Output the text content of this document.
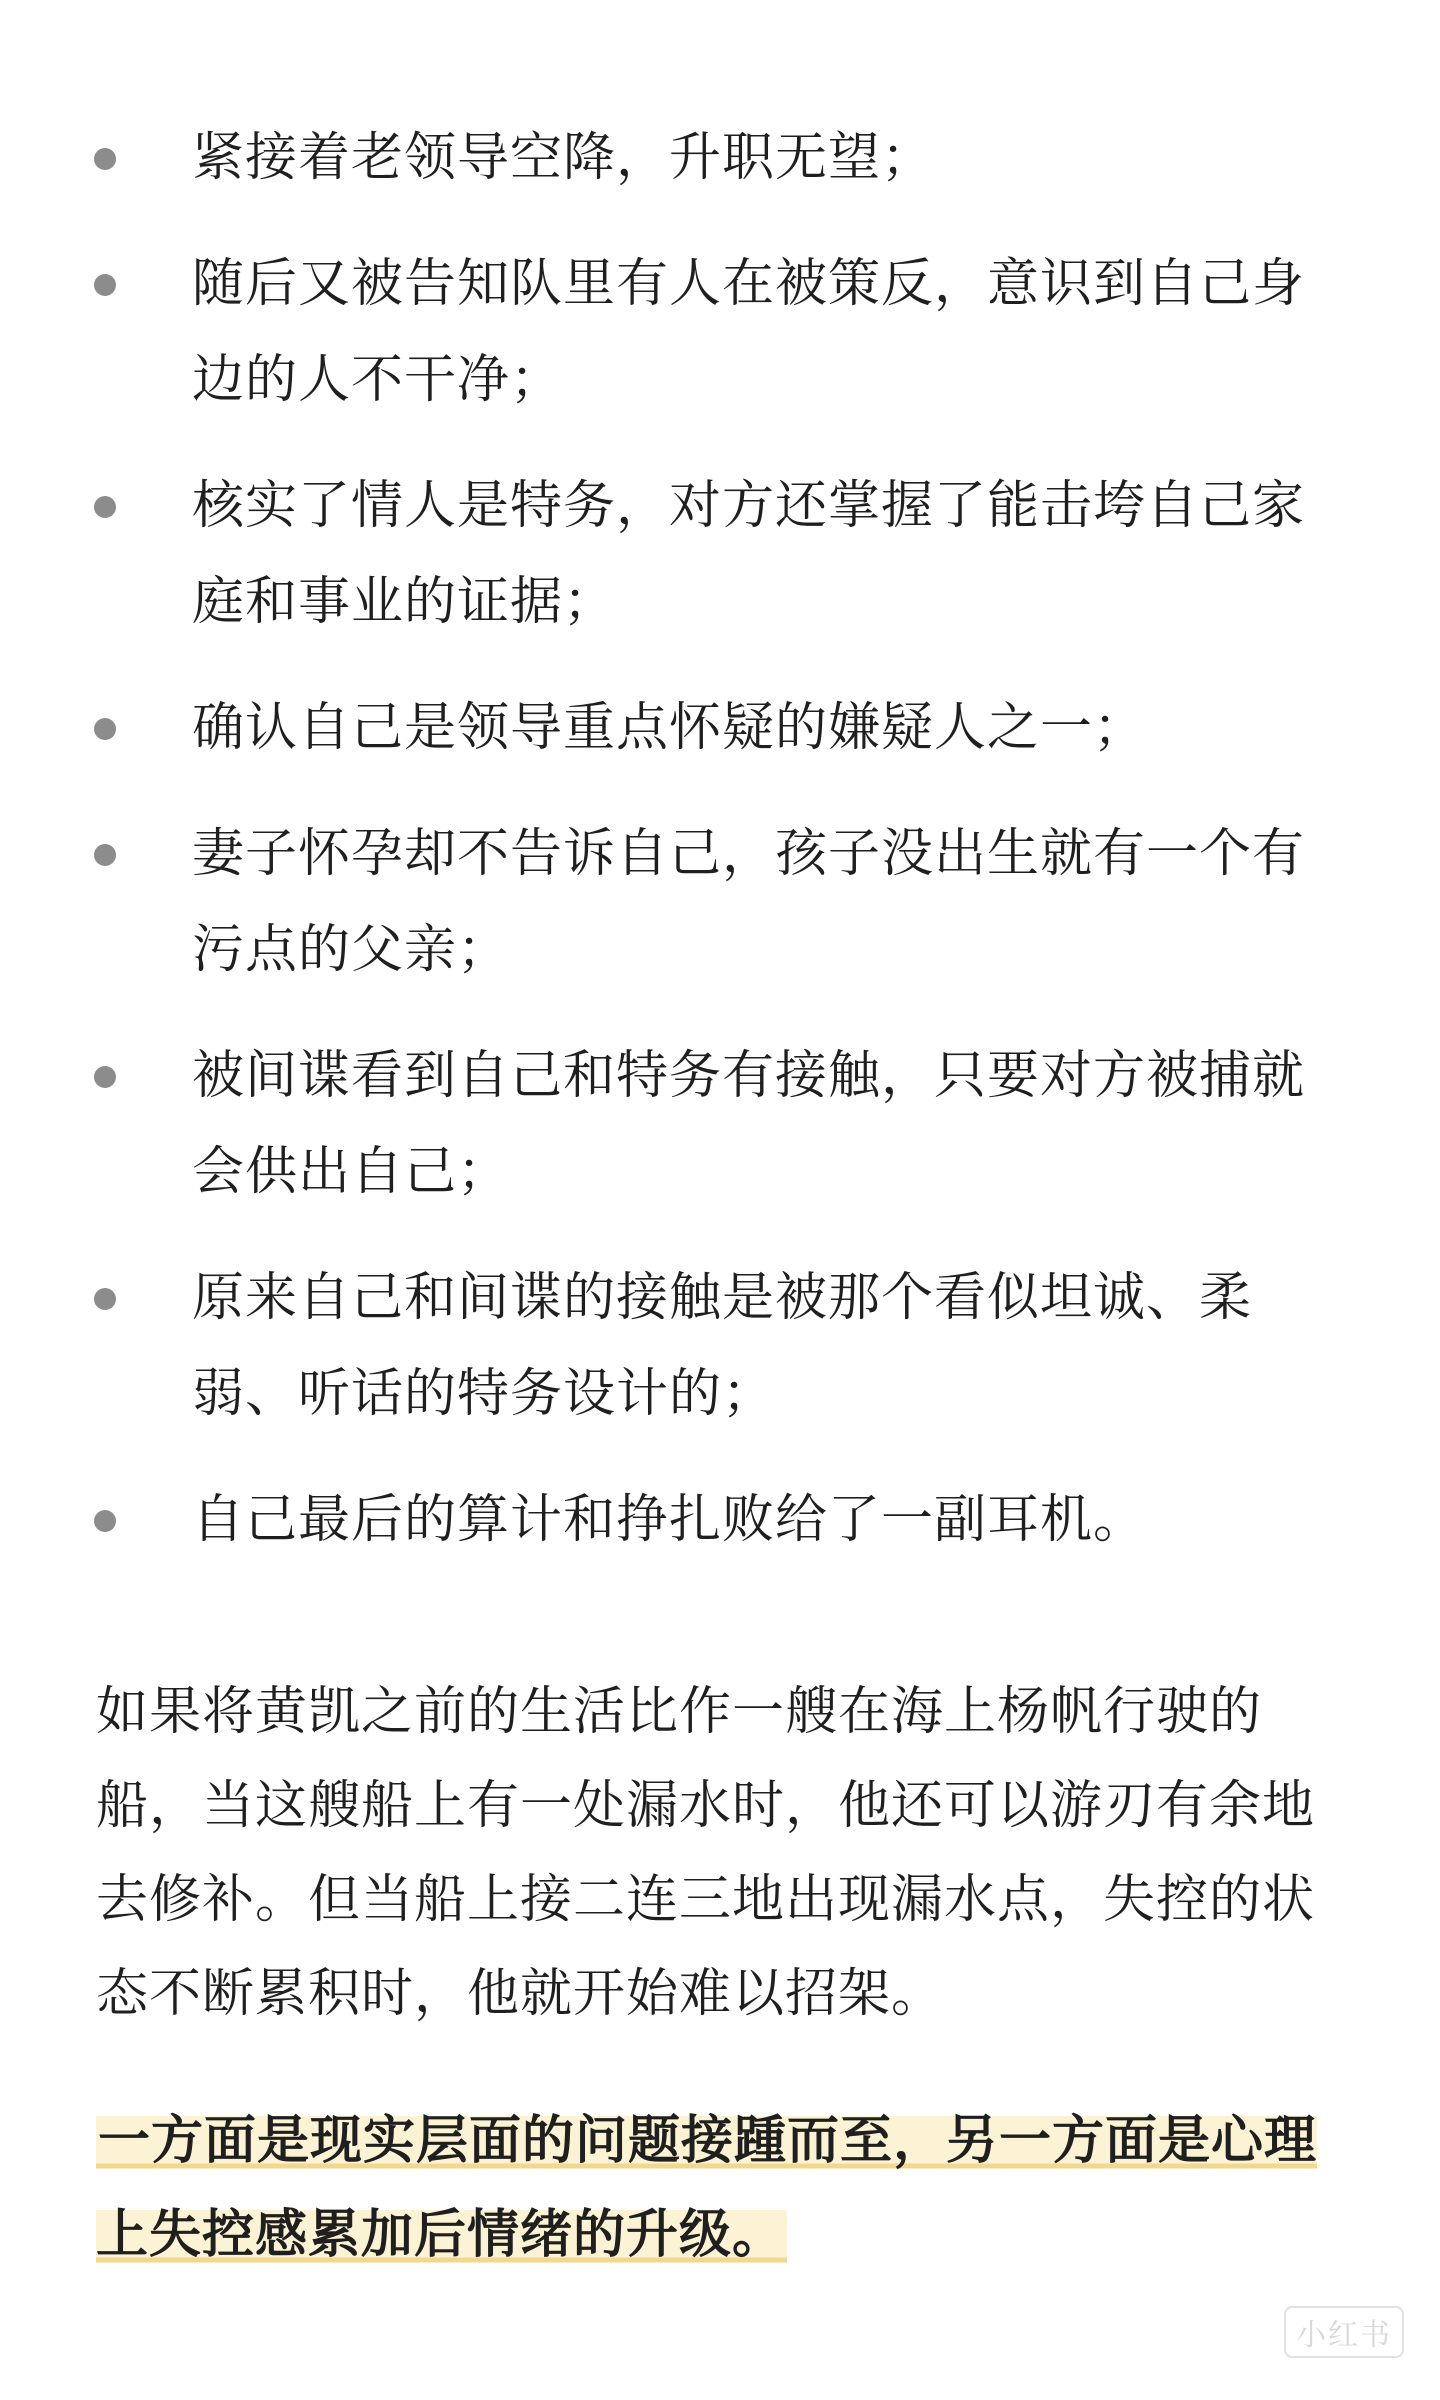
紧接着老领导空降，升职无望；
随后又被告知队里有人在被策反，意识到自己身边的人不干净；
核实了情人是特务，对方还掌握了能击垮自己家庭和事业的证据；
确认自己是领导重点怀疑的嫌疑人之一；
妻子怀孕却不告诉自己，孩子没出生就有一个有污点的父亲；
被间谍看到自己和特务有接触，只要对方被捕就会供出自己；
原来自己和间谍的接触是被那个看似坦诚、柔弱、听话的特务设计的；
自己最后的算计和挣扎败给了一副耳机。

如果将黄凯之前的生活比作一艘在海上杨帆行驶的船，当这艘船上有一处漏水时，他还可以游刃有余地去修补。但当船上接二连三地出现漏水点，失控的状态不断累积时，他就开始难以招架。

一方面是现实层面的问题接踵而至，另一方面是心理上失控感累加后情绪的升级。

小红书
